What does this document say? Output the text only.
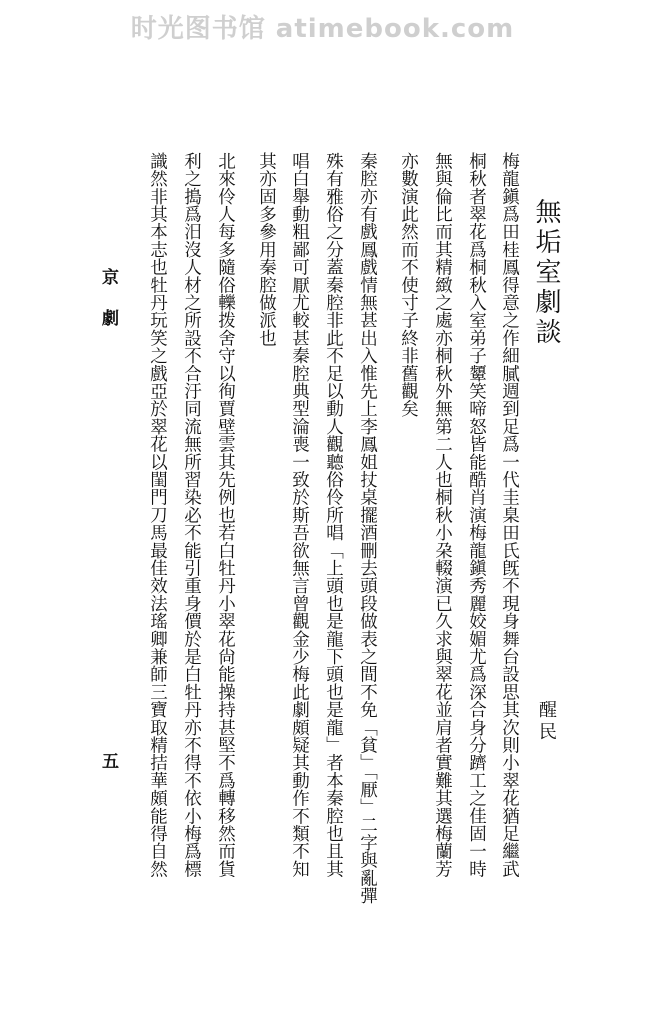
时光图书馆 atimebook.com
無垢室劇談
醒民
梅龍鎭爲田桂鳳得意之作細膩週到足爲一代圭臬田氏旣不現身舞台設思其次則小翠花猶足繼武
桐秋者翠花爲桐秋入室弟子顰笑啼怒皆能酷肖演梅龍鎭秀麗姣媚尤爲深合身分躋工之佳固一時
無與倫比而其精緻之處亦桐秋外無第二人也桐秋小朶輟演已久求與翠花並肩者實難其選梅蘭芳
亦數演此然而不使寸子終非舊觀矣
秦腔亦有戲鳳戲情無甚出入惟先上李鳳姐扙桌擺酒刪去頭段做表之間不免「貧」「厭」二字與亂彈
殊有雅俗之分蓋秦腔非此不足以動人觀聽俗伶所唱「上頭也是龍下頭也是龍」者本秦腔也且其
唱白舉動粗鄙可厭尤較甚秦腔典型淪喪一致於斯吾欲無言曾觀金少梅此劇頗疑其動作不類不知
其亦固多參用秦腔做派也
北來伶人每多隨俗轢拨舍守以徇賈壁雲其先例也若白牡丹小翠花尙能操持甚堅不爲轉移然而貨
利之搗爲汨沒人材之所設不合汙同流無所習染必不能引重身價於是白牡丹亦不得不依小梅爲標
識然非其本志也牡丹玩笑之戲亞於翠花以閨門刀馬最佳效法瑤卿兼師三寶取精拮華頗能得自然
京劇
五
